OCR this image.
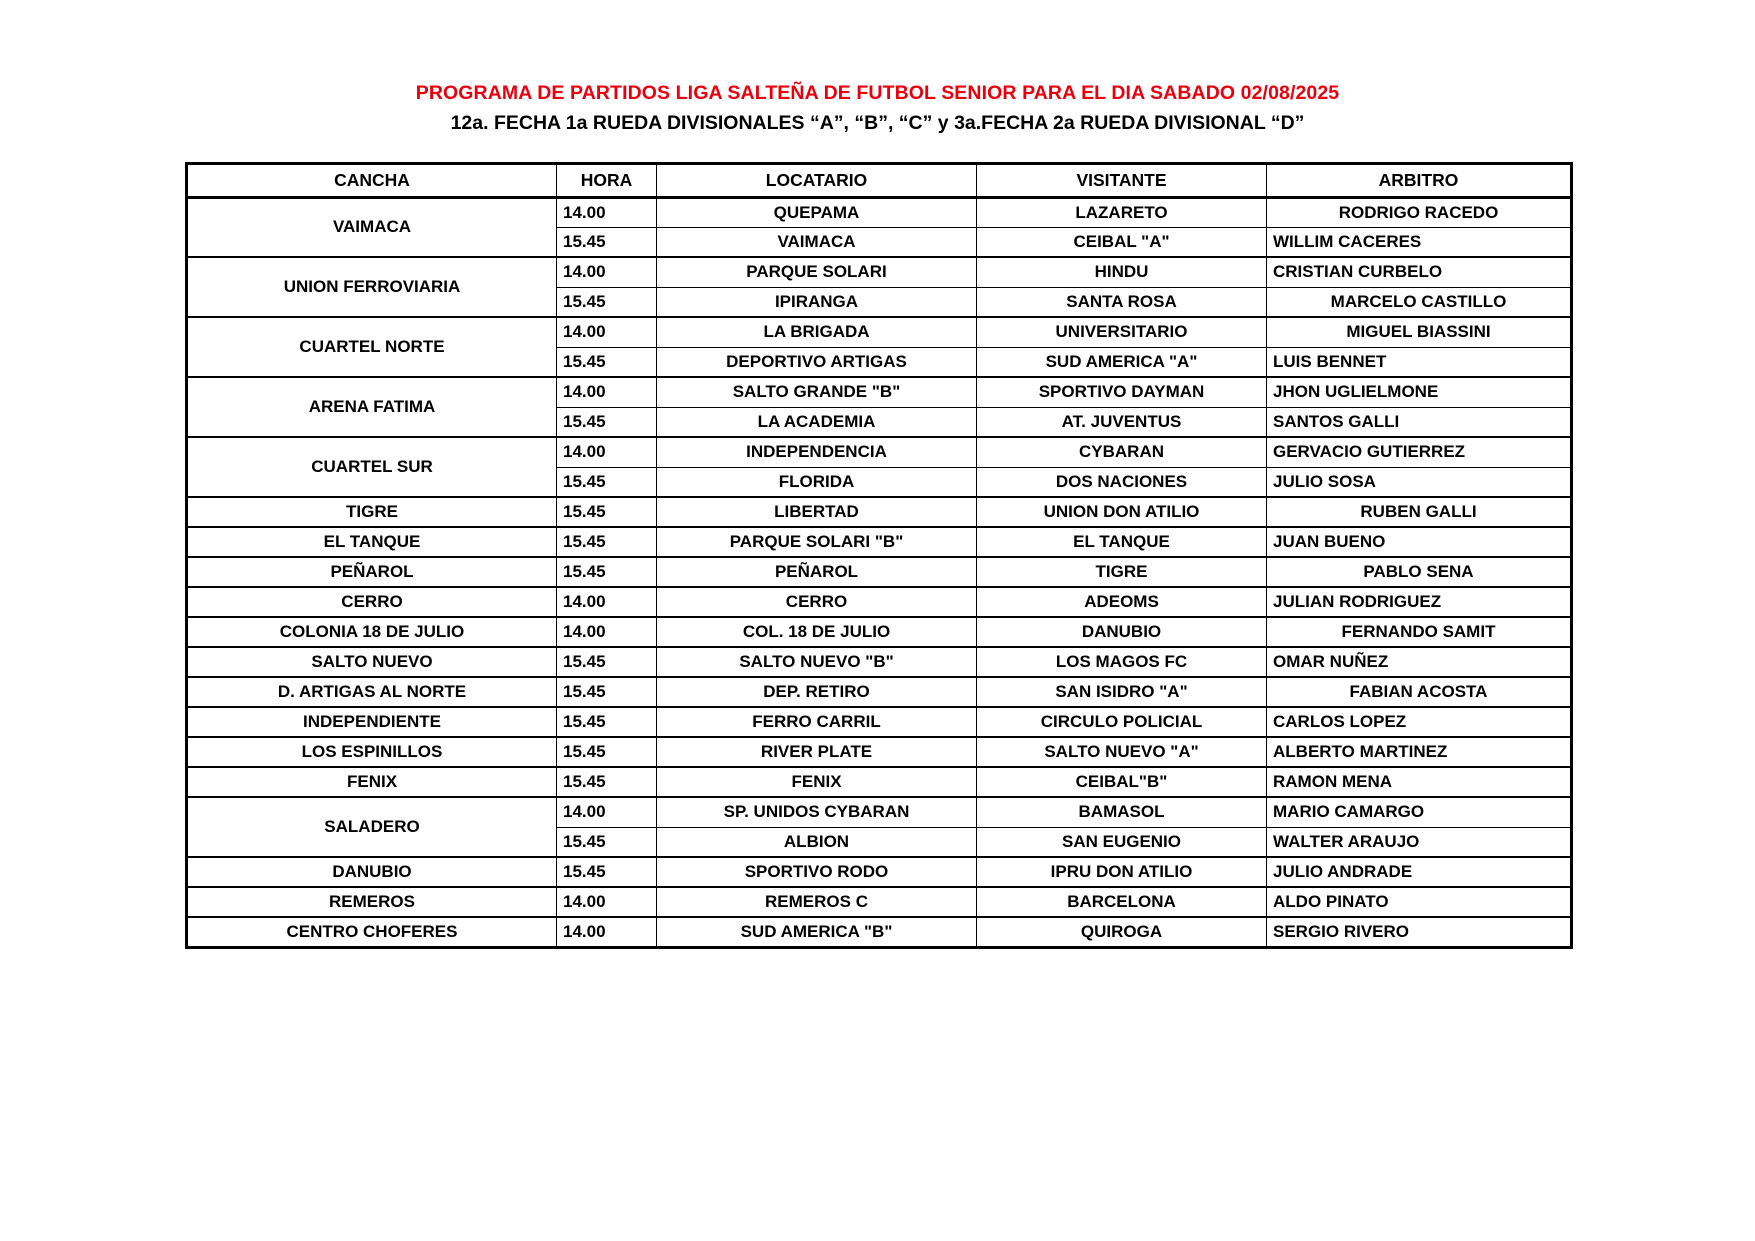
PROGRAMA DE PARTIDOS LIGA SALTEÑA DE FUTBOL SENIOR PARA EL DIA SABADO 02/08/2025
12a. FECHA 1a RUEDA DIVISIONALES “A”, “B”, “C” y 3a.FECHA 2a RUEDA DIVISIONAL “D”
CANCHA	HORA	LOCATARIO	VISITANTE	ARBITRO
VAIMACA	14.00	QUEPAMA	LAZARETO	RODRIGO RACEDO
	15.45	VAIMACA	CEIBAL "A"	WILLIM CACERES
UNION FERROVIARIA	14.00	PARQUE SOLARI	HINDU	CRISTIAN CURBELO
	15.45	IPIRANGA	SANTA ROSA	MARCELO CASTILLO
CUARTEL NORTE	14.00	LA BRIGADA	UNIVERSITARIO	MIGUEL BIASSINI
	15.45	DEPORTIVO ARTIGAS	SUD AMERICA "A"	LUIS BENNET
ARENA FATIMA	14.00	SALTO GRANDE "B"	SPORTIVO DAYMAN	JHON UGLIELMONE
	15.45	LA ACADEMIA	AT. JUVENTUS	SANTOS GALLI
CUARTEL SUR	14.00	INDEPENDENCIA	CYBARAN	GERVACIO GUTIERREZ
	15.45	FLORIDA	DOS NACIONES	JULIO SOSA
TIGRE	15.45	LIBERTAD	UNION DON ATILIO	RUBEN GALLI
EL TANQUE	15.45	PARQUE SOLARI "B"	EL TANQUE	JUAN BUENO
PEÑAROL	15.45	PEÑAROL	TIGRE	PABLO SENA
CERRO	14.00	CERRO	ADEOMS	JULIAN RODRIGUEZ
COLONIA 18 DE JULIO	14.00	COL. 18 DE JULIO	DANUBIO	FERNANDO SAMIT
SALTO NUEVO	15.45	SALTO NUEVO "B"	LOS MAGOS FC	OMAR NUÑEZ
D. ARTIGAS AL NORTE	15.45	DEP. RETIRO	SAN ISIDRO "A"	FABIAN ACOSTA
INDEPENDIENTE	15.45	FERRO CARRIL	CIRCULO POLICIAL	CARLOS LOPEZ
LOS ESPINILLOS	15.45	RIVER PLATE	SALTO NUEVO "A"	ALBERTO MARTINEZ
FENIX	15.45	FENIX	CEIBAL"B"	RAMON MENA
SALADERO	14.00	SP. UNIDOS CYBARAN	BAMASOL	MARIO CAMARGO
	15.45	ALBION	SAN EUGENIO	WALTER ARAUJO
DANUBIO	15.45	SPORTIVO RODO	IPRU DON ATILIO	JULIO ANDRADE
REMEROS	14.00	REMEROS C	BARCELONA	ALDO PINATO
CENTRO CHOFERES	14.00	SUD AMERICA "B"	QUIROGA	SERGIO RIVERO
